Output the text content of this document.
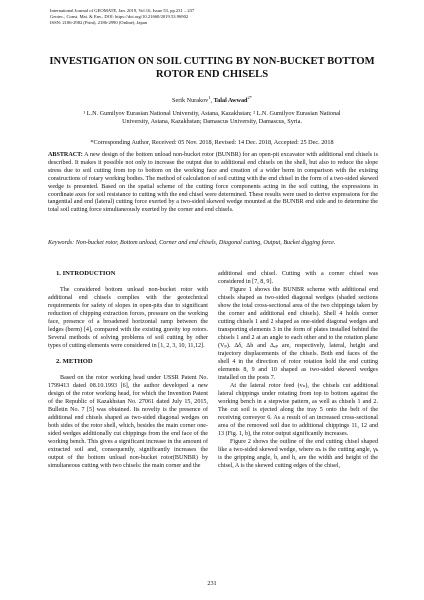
International Journal of GEOMATE, Jan. 2019, Vol.16, Issue 53, pp.231 – 237
Geotec., Const. Mat. & Env., DOI: https://doi.org/10.21660/2019.53.96902
ISSN: 2186-2982 (Print), 2186-2990 (Online), Japan
INVESTIGATION ON SOIL CUTTING BY NON-BUCKET BOTTOM ROTOR END CHISELS
Serik Nurakov$^1$, Talal Awwad$^{2*}$
¹ L.N. Gumilyov Eurasian National University, Astana, Kazakhstan; ² L.N. Gumilyov Eurasian National University, Astana, Kazakhstan; Damascus University, Damascus, Syria.
*Corresponding Author, Received: 05 Nov. 2018, Revised: 14 Dec. 2018, Accepted: 25 Dec. 2018
ABSTRACT: A new design of the bottom unload non-bucket rotor (BUNBR) for an open-pit excavator with additional end chisels is described. It makes it possible not only to increase the output due to additional end chisels on the shell, but also to reduce the slope stress due to soil cutting from top to bottom on the working face and creation of a wider berm in comparison with the existing constructions of rotary working bodies. The method of calculation of soil cutting with the end chisel in the form of a two-sided skewed wedge is presented. Based on the spatial scheme of the cutting force components acting in the soil cutting, the expressions in coordinate axes for soil resistance to cutting with the end chisel were determined. These results were used to derive expressions for the tangential and end (lateral) cutting force exerted by a two-sided skewed wedge mounted at the BUNBR end side and to determine the total soil cutting force simultaneously exerted by the corner and end chisels.
Keywords: Non-bucket rotor, Bottom unload, Corner and end chisels, Diagonal cutting, Output, Bucket digging force.
1. INTRODUCTION

The considered bottom unload non-bucket rotor with additional end chisels complies with the geotechnical requirements for safety of slopes in open-pits due to significant reduction of chipping extraction forces, pressure on the working face, presence of a broadened horizontal ramp between the ledges (berm) [4], compared with the existing gravity top rotors. Several methods of solving problems of soil cutting by other types of cutting elements were considered in [1, 2, 3, 10, 11,12].

2. METHOD

Based on the rotor working head under USSR Patent No. 1799413 dated 08.10.1993 [6], the author developed a new design of the rotor working head, for which the Invention Patent of the Republic of Kazakhstan No. 27061 dated July 15, 2015, Bulletin No. 7 [5] was obtained. Its novelty is the presence of additional end chisels shaped as two-sided diagonal wedges on both sides of the rotor shell, which, besides the main corner one-sided wedges additionally cut chippings from the end face of the working bench. This gives a significant increase in the amount of extracted soil and, consequently, significantly increases the output of the bottom unload non-bucket rotor(BUNBR) by simultaneous cutting with two chisels: the main corner and the

additional end chisel. Cutting with a corner chisel was considered in [7, 8, 9].

Figure 1 shows the BUNBR scheme with additional end chisels shaped as two-sided diagonal wedges (shaded sections show the total cross-sectional area of the two chippings taken by the corner and additional end chisels). Shell 4 holds corner cutting chisels 1 and 2 shaped as one-sided diagonal wedges and transporting elements 3 in the form of plates installed behind the chisels 1 and 2 at an angle to each other and to the rotation plane (Vₚ). Δδ, Δh and Δₑₚ are, respectively, lateral, height and trajectory displacements of the chisels. Both end faces of the shell 4 in the direction of rotor rotation hold the end cutting elements 8, 9 and 10 shaped as two-sided skewed wedges installed on the posts 7.

At the lateral rotor feed (vₙ), the chisels cut additional lateral chippings under rotating from top to bottom against the working bench in a stepwise pattern, as well as chisels 1 and 2. The cut soil is ejected along the tray 5 onto the belt of the receiving conveyor 6. As a result of an increased cross-sectional area of the removed soil due to additional chippings 11, 12 and 13 (Fig. 1, b), the rotor output significantly increases.

Figure 2 shows the outline of the end cutting chisel shaped like a two-sided skewed wedge, where αₖ is the cutting angle, γₖ is the gripping angle, b, and h, are the width and height of the chisel, A is the skewed cutting edges of the chisel,

231
